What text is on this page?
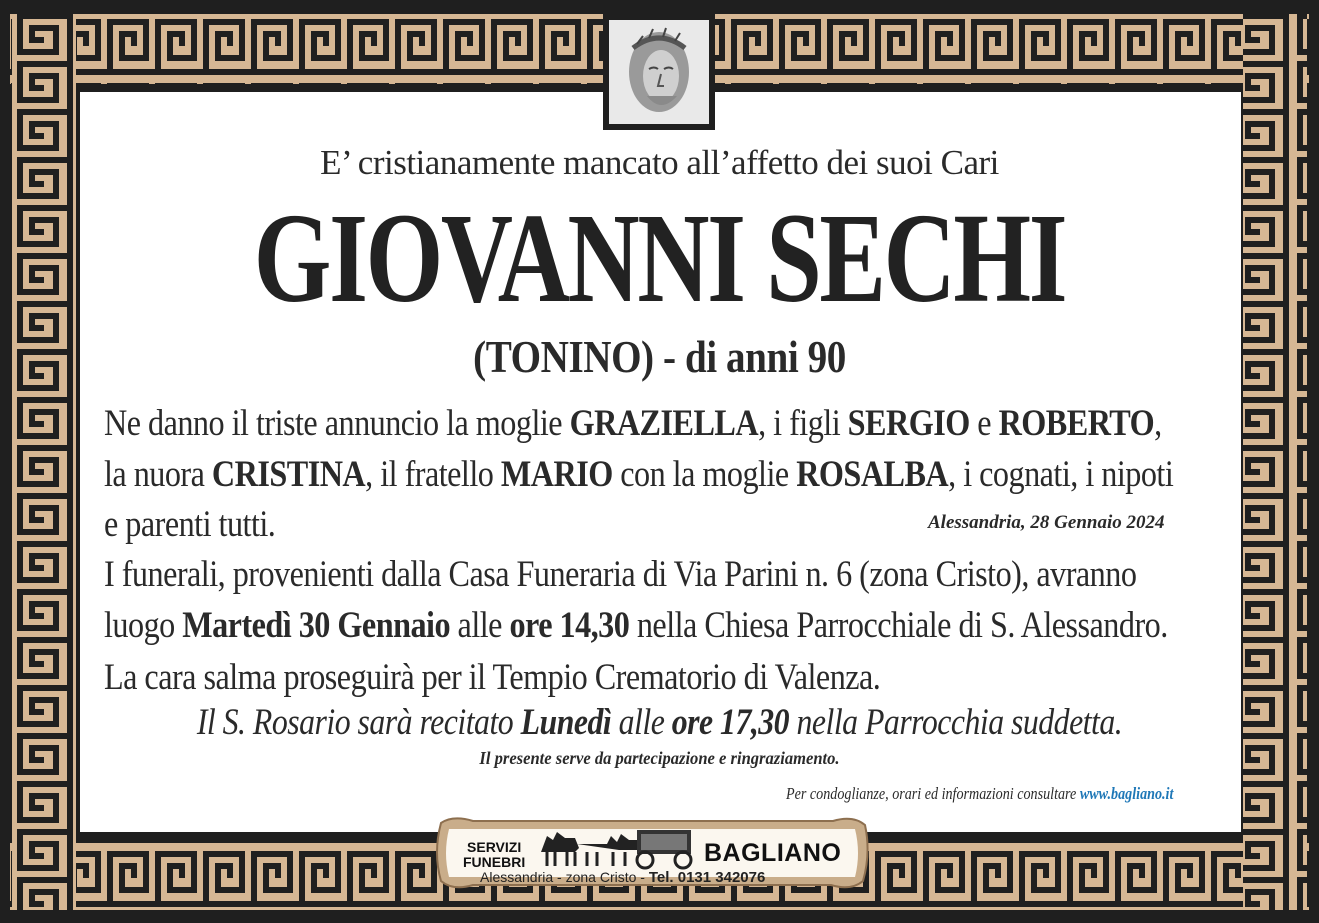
E’ cristianamente mancato all’affetto dei suoi Cari
GIOVANNI SECHI
(TONINO) - di anni 90
Ne danno il triste annuncio la moglie GRAZIELLA, i figli SERGIO e ROBERTO,
la nuora CRISTINA, il fratello MARIO con la moglie ROSALBA, i cognati, i nipoti
e parenti tutti.	Alessandria, 28 Gennaio 2024
I funerali, provenienti dalla Casa Funeraria di Via Parini n. 6 (zona Cristo), avranno
luogo Martedì 30 Gennaio alle ore 14,30 nella Chiesa Parrocchiale di S. Alessandro.
La cara salma proseguirà per il Tempio Crematorio di Valenza.
Il S. Rosario sarà recitato Lunedì alle ore 17,30 nella Parrocchia suddetta.
Il presente serve da partecipazione e ringraziamento.
Per condoglianze, orari ed informazioni consultare www.bagliano.it
SERVIZI
FUNEBRI	BAGLIANO
Alessandria - zona Cristo - Tel. 0131 342076
